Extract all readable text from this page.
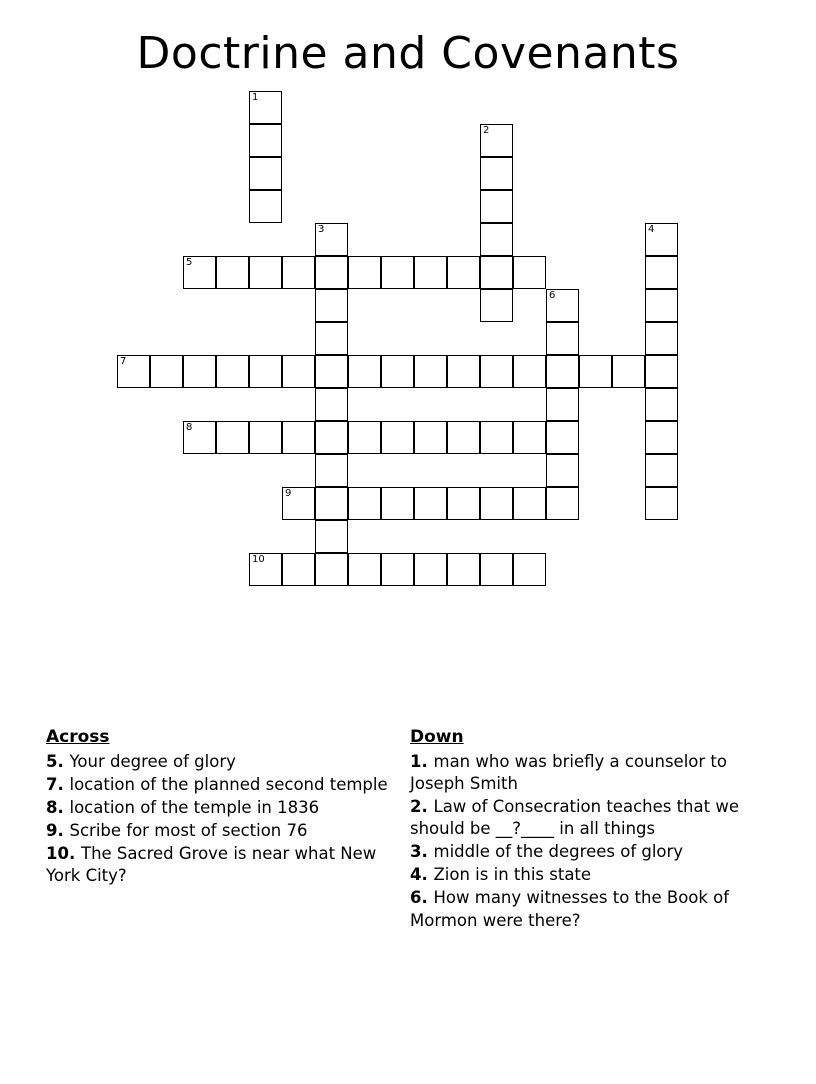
Doctrine and Covenants
1
2
3	4
5
6
7
8
9
10
Across
5. Your degree of glory
7. location of the planned second temple
8. location of the temple in 1836
9. Scribe for most of section 76
10. The Sacred Grove is near what New York City?
Down
1. man who was briefly a counselor to Joseph Smith
2. Law of Consecration teaches that we should be __?____ in all things
3. middle of the degrees of glory
4. Zion is in this state
6. How many witnesses to the Book of Mormon were there?
